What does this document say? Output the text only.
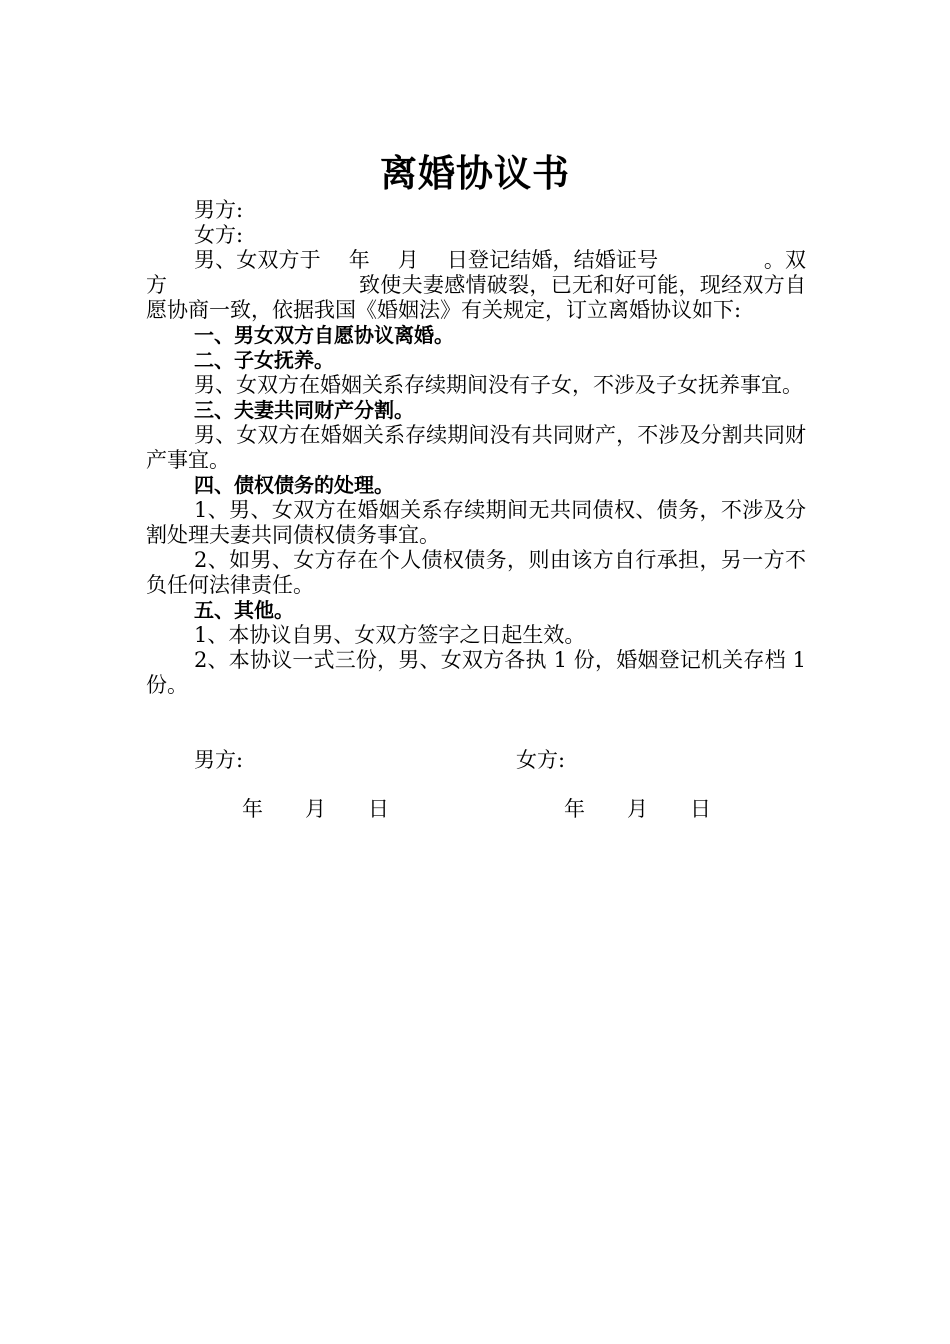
离婚协议书

男方:

女方:

男、女双方于　 年　 月　 日登记结婚，结婚证号　　　　　。双方　　　　　　　　　致使夫妻感情破裂，已无和好可能，现经双方自愿协商一致，依据我国《婚姻法》有关规定，订立离婚协议如下:

一、男女双方自愿协议离婚。

二、子女抚养。

男、女双方在婚姻关系存续期间没有子女，不涉及子女抚养事宜。

三、夫妻共同财产分割。

男、女双方在婚姻关系存续期间没有共同财产，不涉及分割共同财产事宜。

四、债权债务的处理。

1、男、女双方在婚姻关系存续期间无共同债权、债务，不涉及分割处理夫妻共同债权债务事宜。

2、如男、女方存在个人债权债务，则由该方自行承担，另一方不负任何法律责任。

五、其他。

1、本协议自男、女双方签字之日起生效。

2、本协议一式三份，男、女双方各执 1 份，婚姻登记机关存档 1 份。

男方:	女方:
年　　月　　日	年　　月　　日
